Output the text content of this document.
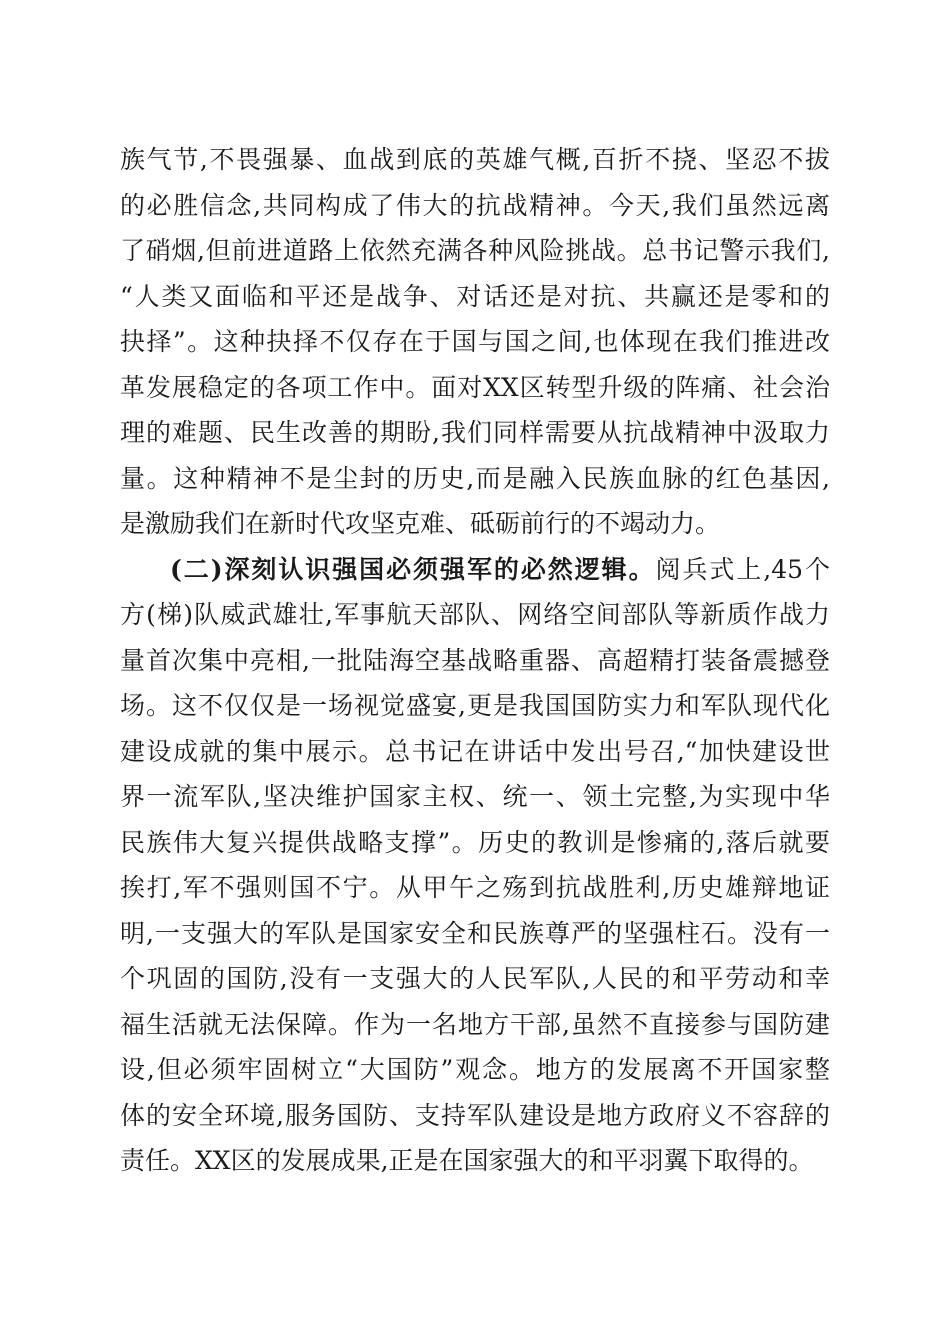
族气节,不畏强暴、血战到底的英雄气概,百折不挠、坚忍不拔
的必胜信念,共同构成了伟大的抗战精神。今天,我们虽然远离
了硝烟,但前进道路上依然充满各种风险挑战。总书记警示我们,
“人类又面临和平还是战争、对话还是对抗、共赢还是零和的
抉择”。这种抉择不仅存在于国与国之间,也体现在我们推进改
革发展稳定的各项工作中。面对XX区转型升级的阵痛、社会治
理的难题、民生改善的期盼,我们同样需要从抗战精神中汲取力
量。这种精神不是尘封的历史,而是融入民族血脉的红色基因,
是激励我们在新时代攻坚克难、砥砺前行的不竭动力。
(二)深刻认识强国必须强军的必然逻辑。阅兵式上,45个
方(梯)队威武雄壮,军事航天部队、网络空间部队等新质作战力
量首次集中亮相,一批陆海空基战略重器、高超精打装备震撼登
场。这不仅仅是一场视觉盛宴,更是我国国防实力和军队现代化
建设成就的集中展示。总书记在讲话中发出号召,“加快建设世
界一流军队,坚决维护国家主权、统一、领土完整,为实现中华
民族伟大复兴提供战略支撑”。历史的教训是惨痛的,落后就要
挨打,军不强则国不宁。从甲午之殇到抗战胜利,历史雄辩地证
明,一支强大的军队是国家安全和民族尊严的坚强柱石。没有一
个巩固的国防,没有一支强大的人民军队,人民的和平劳动和幸
福生活就无法保障。作为一名地方干部,虽然不直接参与国防建
设,但必须牢固树立“大国防”观念。地方的发展离不开国家整
体的安全环境,服务国防、支持军队建设是地方政府义不容辞的
责任。XX区的发展成果,正是在国家强大的和平羽翼下取得的。
